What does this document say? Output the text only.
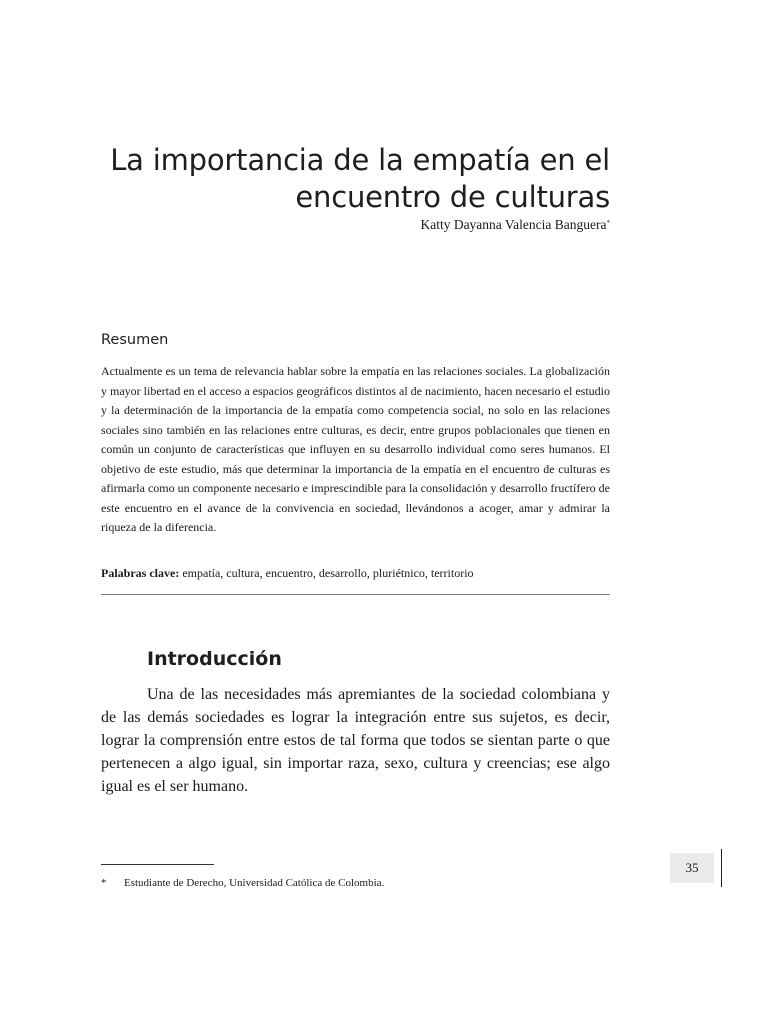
La importancia de la empatía en el
encuentro de culturas
Katty Dayanna Valencia Banguera*
Resumen

Actualmente es un tema de relevancia hablar sobre la empatía en las relaciones sociales. La globalización y mayor libertad en el acceso a espacios geográficos distintos al de nacimiento, hacen necesario el estudio y la determinación de la importancia de la empatía como competencia social, no solo en las relaciones sociales sino también en las relaciones entre culturas, es decir, entre grupos poblacionales que tienen en común un conjunto de características que influyen en su desarrollo individual como seres humanos. El objetivo de este estudio, más que determinar la importancia de la empatía en el encuentro de culturas es afirmarla como un componente necesario e imprescindible para la consolidación y desarrollo fructífero de este encuentro en el avance de la convivencia en sociedad, llevándonos a acoger, amar y admirar la riqueza de la diferencia.

Palabras clave: empatía, cultura, encuentro, desarrollo, pluriétnico, territorio

Introducción

Una de las necesidades más apremiantes de la sociedad colombiana y de las demás sociedades es lograr la integración entre sus sujetos, es decir, lograr la comprensión entre estos de tal forma que todos se sientan parte o que pertenecen a algo igual, sin importar raza, sexo, cultura y creencias; ese algo igual es el ser humano.

* Estudiante de Derecho, Universidad Católica de Colombia.
35
